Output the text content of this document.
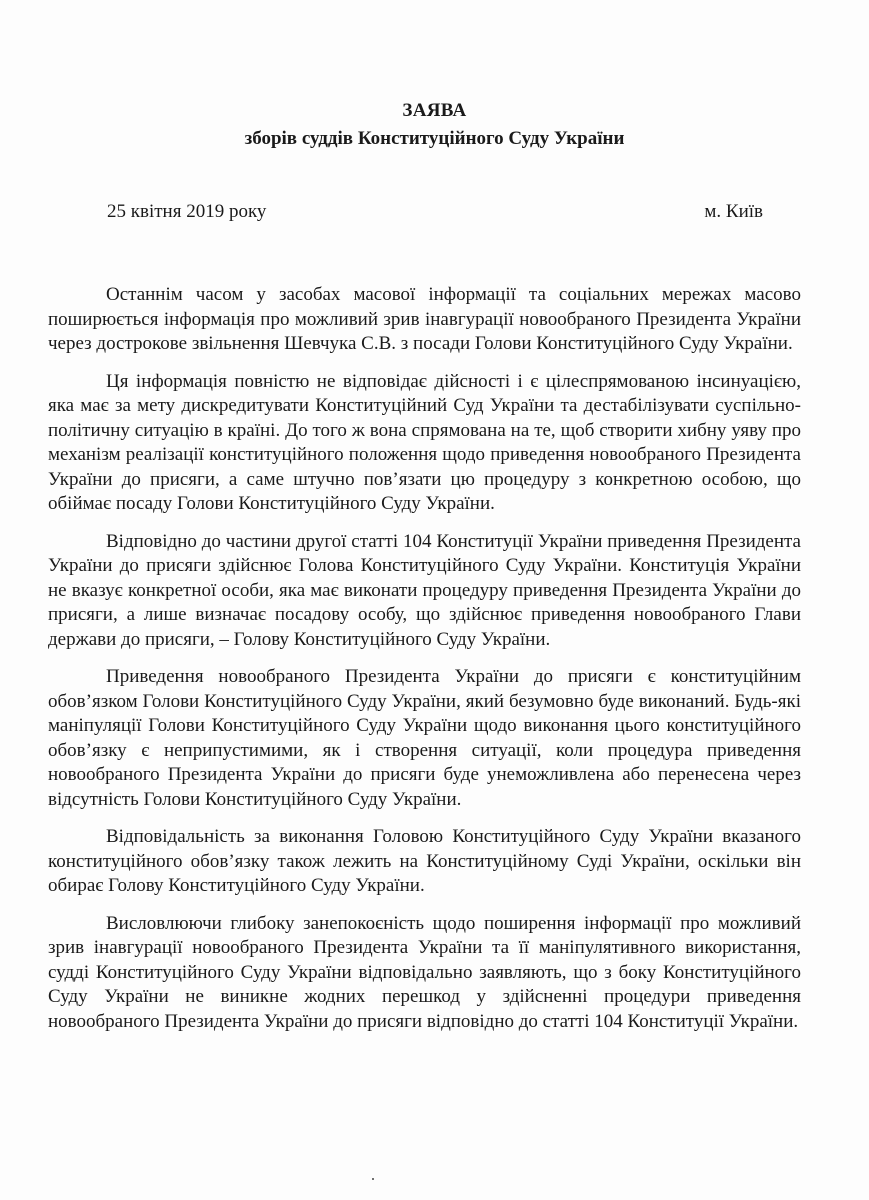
ЗАЯВА
зборів суддів Конституційного Суду України
25 квітня 2019 року	м. Київ

Останнім часом у засобах масової інформації та соціальних мережах масово поширюється інформація про можливий зрив інавгурації новообраного Президента України через дострокове звільнення Шевчука С.В. з посади Голови Конституційного Суду України.

Ця інформація повністю не відповідає дійсності і є цілеспрямованою інсинуацією, яка має за мету дискредитувати Конституційний Суд України та дестабілізувати суспільно-політичну ситуацію в країні. До того ж вона спрямована на те, щоб створити хибну уяву про механізм реалізації конституційного положення щодо приведення новообраного Президента України до присяги, а саме штучно пов’язати цю процедуру з конкретною особою, що обіймає посаду Голови Конституційного Суду України.

Відповідно до частини другої статті 104 Конституції України приведення Президента України до присяги здійснює Голова Конституційного Суду України. Конституція України не вказує конкретної особи, яка має виконати процедуру приведення Президента України до присяги, а лише визначає посадову особу, що здійснює приведення новообраного Глави держави до присяги, – Голову Конституційного Суду України.

Приведення новообраного Президента України до присяги є конституційним обов’язком Голови Конституційного Суду України, який безумовно буде виконаний. Будь-які маніпуляції Голови Конституційного Суду України щодо виконання цього конституційного обов’язку є неприпустимими, як і створення ситуації, коли процедура приведення новообраного Президента України до присяги буде унеможливлена або перенесена через відсутність Голови Конституційного Суду України.

Відповідальність за виконання Головою Конституційного Суду України вказаного конституційного обов’язку також лежить на Конституційному Суді України, оскільки він обирає Голову Конституційного Суду України.

Висловлюючи глибоку занепокоєність щодо поширення інформації про можливий зрив інавгурації новообраного Президента України та її маніпулятивного використання, судді Конституційного Суду України відповідально заявляють, що з боку Конституційного Суду України не виникне жодних перешкод у здійсненні процедури приведення новообраного Президента України до присяги відповідно до статті 104 Конституції України.
